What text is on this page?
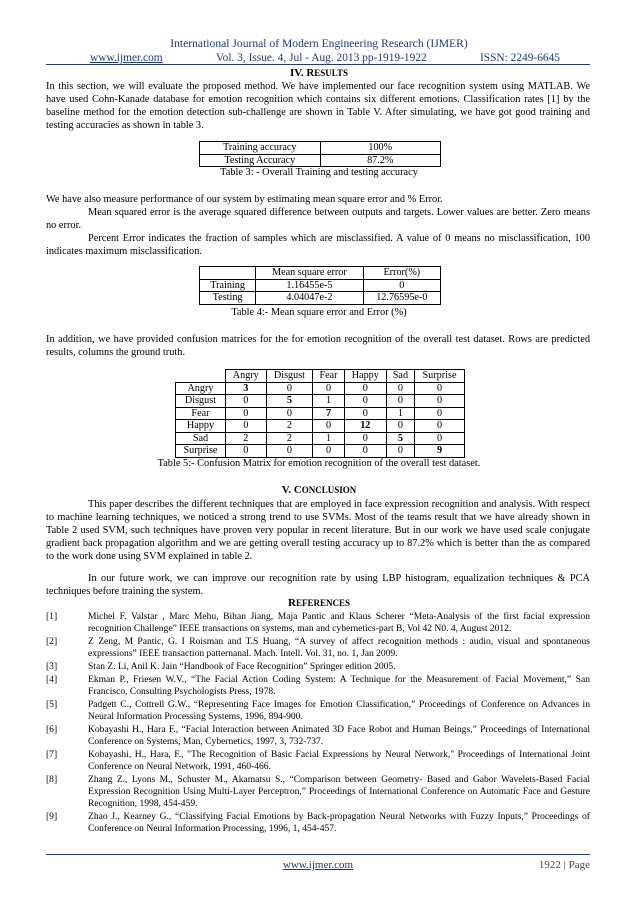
International Journal of Modern Engineering Research (IJMER)
www.ijmer.com	Vol. 3, Issue. 4, Jul - Aug. 2013 pp-1919-1922	ISSN: 2249-6645
IV. RESULTS
In this section, we will evaluate the proposed method. We have implemented our face recognition system using MATLAB. We have used Cohn-Kanade database for emotion recognition which contains six different emotions. Classification rates [1] by the baseline method for the emotion detection sub-challenge are shown in Table V. After simulating, we have got good training and testing accuracies as shown in table 3.
Training accuracy	100%
Testing Accuracy	87.2%
Table 3: - Overall Training and testing accuracy
We have also measure performance of our system by estimating mean square error and % Error.
Mean squared error is the average squared difference between outputs and targets. Lower values are better. Zero means no error.
Percent Error indicates the fraction of samples which are misclassified. A value of 0 means no misclassification, 100 indicates maximum misclassification.
	Mean square error	Error(%)
Training	1.16455e-5	0
Testing	4.04047e-2	12.76595e-0
Table 4:- Mean square error and Error (%)
In addition, we have provided confusion matrices for the for emotion recognition of the overall test dataset. Rows are predicted results, columns the ground truth.
	Angry	Disgust	Fear	Happy	Sad	Surprise
Angry	3	0	0	0	0	0
Disgust	0	5	1	0	0	0
Fear	0	0	7	0	1	0
Happy	0	2	0	12	0	0
Sad	2	2	1	0	5	0
Surprise	0	0	0	0	0	9
Table 5:- Confusion Matrix for emotion recognition of the overall test dataset.
V. CONCLUSION
This paper describes the different techniques that are employed in face expression recognition and analysis. With respect to machine learning techniques, we noticed a strong trend to use SVMs. Most of the teams result that we have already shown in Table 2 used SVM, such techniques have proven very popular in recent literature. But in our work we have used scale conjugate gradient back propagation algorithm and we are getting overall testing accuracy up to 87.2% which is better than the as compared to the work done using SVM explained in table 2.
In our future work, we can improve our recognition rate by using LBP histogram, equalization techniques & PCA techniques before training the system.
REFERENCES
[1]	Michel F. Valstar , Marc Mehu, Bihan Jiang, Maja Pantic and Klaus Scherer “Meta-Analysis of the first facial expression recognition Challenge” IEEE transactions on systems, man and cybernetics-part B, Vol 42 N0. 4, August 2012.
[2]	Z Zeng, M Pantic, G. I Roisman and T.S Huang, “A survey of affect recognition methods : audio, visual and spontaneous expressions” IEEE transaction patternanal. Mach. Intell. Vol. 31, no. 1, Jan 2009.
[3]	Stan Z. Li, Anil K. Jain “Handbook of Face Recognition” Springer edition 2005.
[4]	Ekman P., Friesen W.V., “The Facial Action Coding System: A Technique for the Measurement of Facial Movement,” San Francisco, Consulting Psychologists Press, 1978.
[5]	Padgett C., Cottrell G.W., “Representing Face Images for Emotion Classification,” Proceedings of Conference on Advances in Neural Information Processing Systems, 1996, 894-900.
[6]	Kobayashi H., Hara F., “Facial Interaction between Animated 3D Face Robot and Human Beings,” Proceedings of International Conference on Systems, Man, Cybernetics, 1997, 3, 732-737.
[7]	Kobayashi, H., Hara, F., "The Recognition of Basic Facial Expressions by Neural Network," Proceedings of International Joint Conference on Neural Network, 1991, 460-466.
[8]	Zhang Z., Lyons M., Schuster M., Akamatsu S., “Comparison between Geometry- Based and Gabor Wavelets-Based Facial Expression Recognition Using Multi-Layer Perceptron,” Proceedings of International Conference on Automatic Face and Gesture Recognition, 1998, 454-459.
[9]	Zhao J., Kearney G., “Classifying Facial Emotions by Back-propagation Neural Networks with Fuzzy Inputs,” Proceedings of Conference on Neural Information Processing, 1996, 1, 454-457.
www.ijmer.com	1922 | Page
